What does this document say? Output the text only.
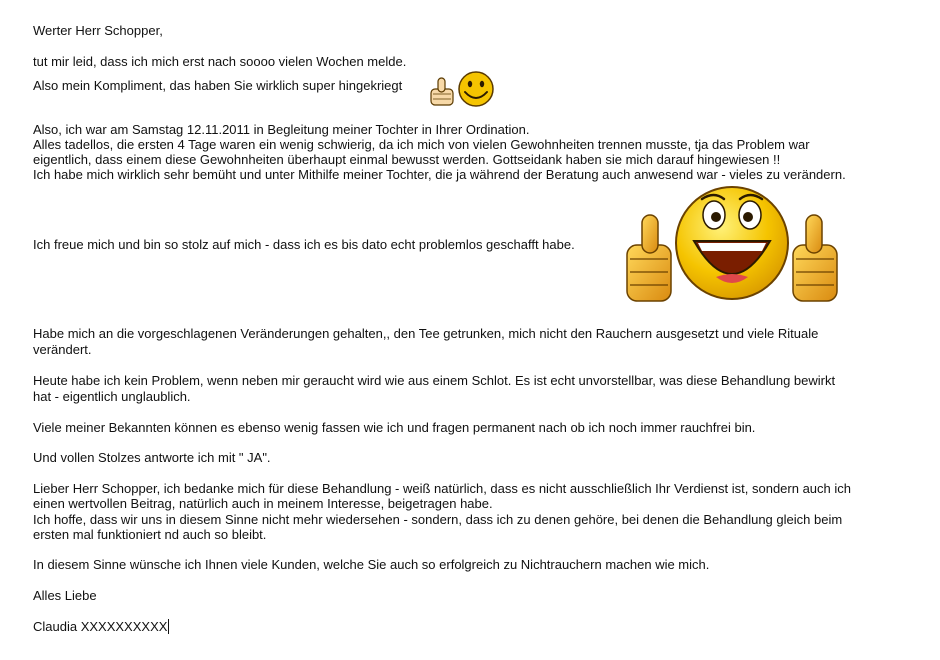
Werter Herr Schopper,
tut mir leid, dass ich mich erst nach soooo vielen Wochen melde.
Also mein Kompliment, das haben Sie wirklich super hingekriegt
Also, ich war am Samstag 12.11.2011 in Begleitung meiner Tochter in Ihrer Ordination.
Alles tadellos, die ersten 4 Tage waren ein wenig schwierig, da ich mich von vielen Gewohnheiten trennen musste, tja das Problem war
eigentlich, dass einem diese Gewohnheiten überhaupt einmal bewusst werden. Gottseidank haben sie mich darauf hingewiesen !!
Ich habe mich wirklich sehr bemüht und unter Mithilfe meiner Tochter, die ja während der Beratung auch anwesend war - vieles zu verändern.
Ich freue mich und bin so stolz auf mich - dass ich es bis dato echt problemlos geschafft habe.
Habe mich an die vorgeschlagenen Veränderungen gehalten,, den Tee getrunken, mich nicht den Rauchern ausgesetzt und viele Rituale
verändert.
Heute habe ich kein Problem, wenn neben mir geraucht wird wie aus einem Schlot. Es ist echt unvorstellbar, was diese Behandlung bewirkt
hat - eigentlich unglaublich.
Viele meiner Bekannten können es ebenso wenig fassen wie ich und fragen permanent nach ob ich noch immer rauchfrei bin.
Und vollen Stolzes antworte ich mit " JA".
Lieber Herr Schopper, ich bedanke mich für diese Behandlung - weiß natürlich, dass es nicht ausschließlich Ihr Verdienst ist, sondern auch ich
einen wertvollen Beitrag, natürlich auch in meinem Interesse, beigetragen habe.
Ich hoffe, dass wir uns in diesem Sinne nicht mehr wiedersehen - sondern, dass ich zu denen gehöre, bei denen die Behandlung gleich beim
ersten mal funktioniert nd auch so bleibt.
In diesem Sinne wünsche ich Ihnen viele Kunden, welche Sie auch so erfolgreich zu Nichtrauchern machen wie mich.
Alles Liebe
Claudia XXXXXXXXXX
